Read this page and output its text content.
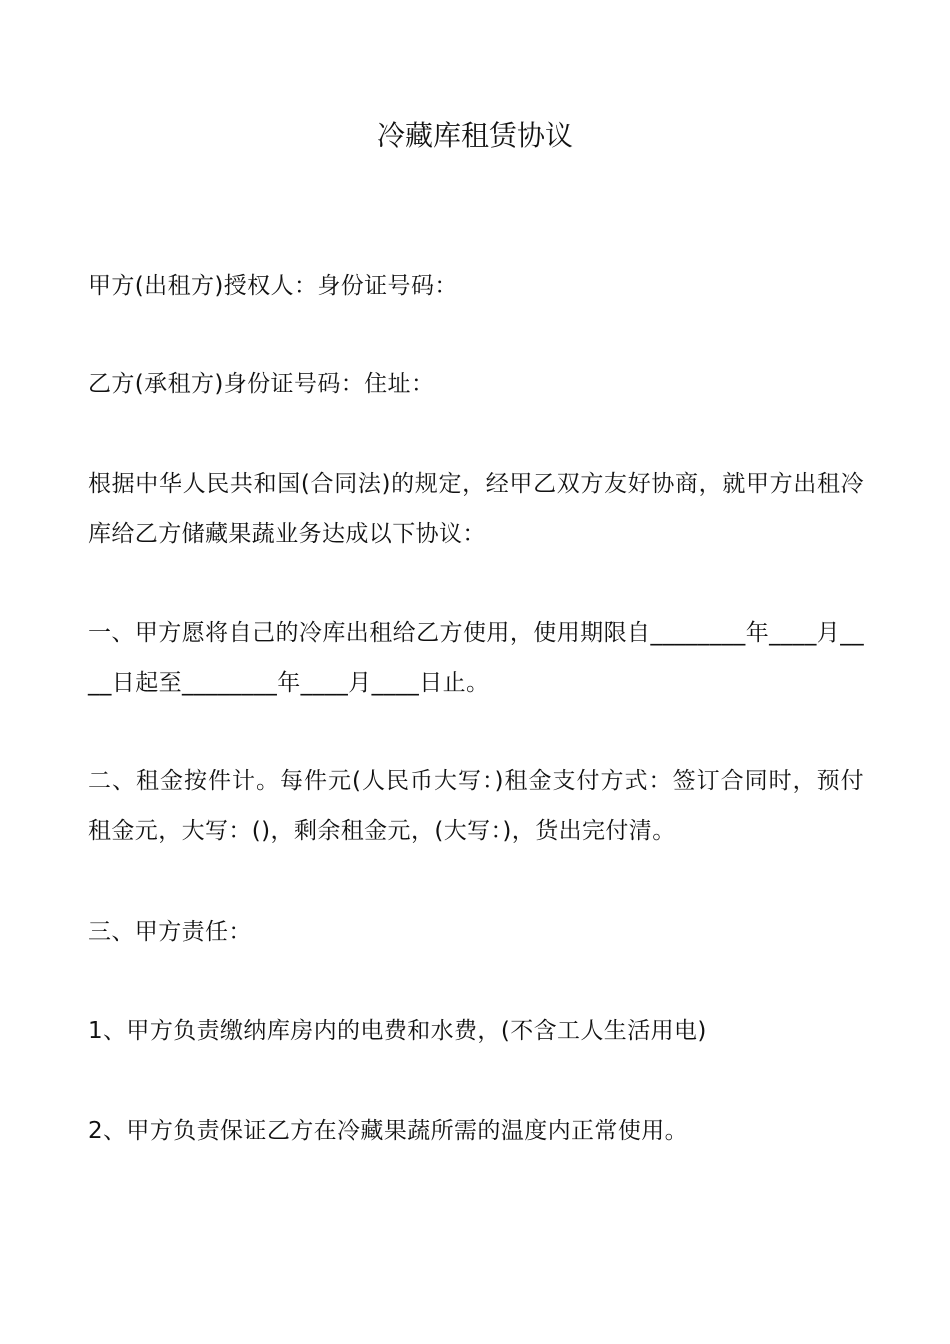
冷藏库租赁协议
甲方(出租方)授权人：身份证号码：
乙方(承租方)身份证号码：住址：
根据中华人民共和国(合同法)的规定，经甲乙双方友好协商，就甲方出租冷库给乙方储藏果蔬业务达成以下协议：
一、甲方愿将自己的冷库出租给乙方使用，使用期限自________年____月____日起至________年____月____日止。
二、租金按件计。每件元(人民币大写：)租金支付方式：签订合同时，预付租金元，大写：()，剩余租金元，(大写：)，货出完付清。
三、甲方责任：
1、甲方负责缴纳库房内的电费和水费，(不含工人生活用电)
2、甲方负责保证乙方在冷藏果蔬所需的温度内正常使用。
